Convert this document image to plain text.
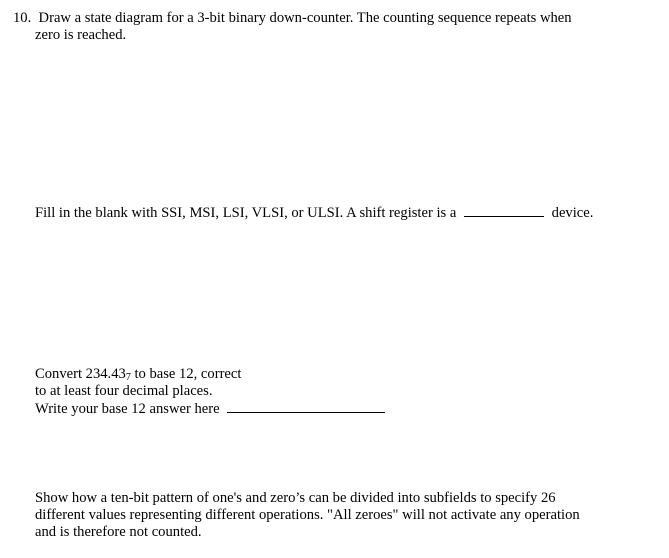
10. Draw a state diagram for a 3-bit binary down-counter. The counting sequence repeats when
zero is reached.
Fill in the blank with SSI, MSI, LSI, VLSI, or ULSI. A shift register is a	device.
Convert $234.43_7$ to base 12, correct
to at least four decimal places.
Write your base 12 answer here
Show how a ten-bit pattern of one's and zero’s can be divided into subfields to specify 26
different values representing different operations. "All zeroes" will not activate any operation
and is therefore not counted.
